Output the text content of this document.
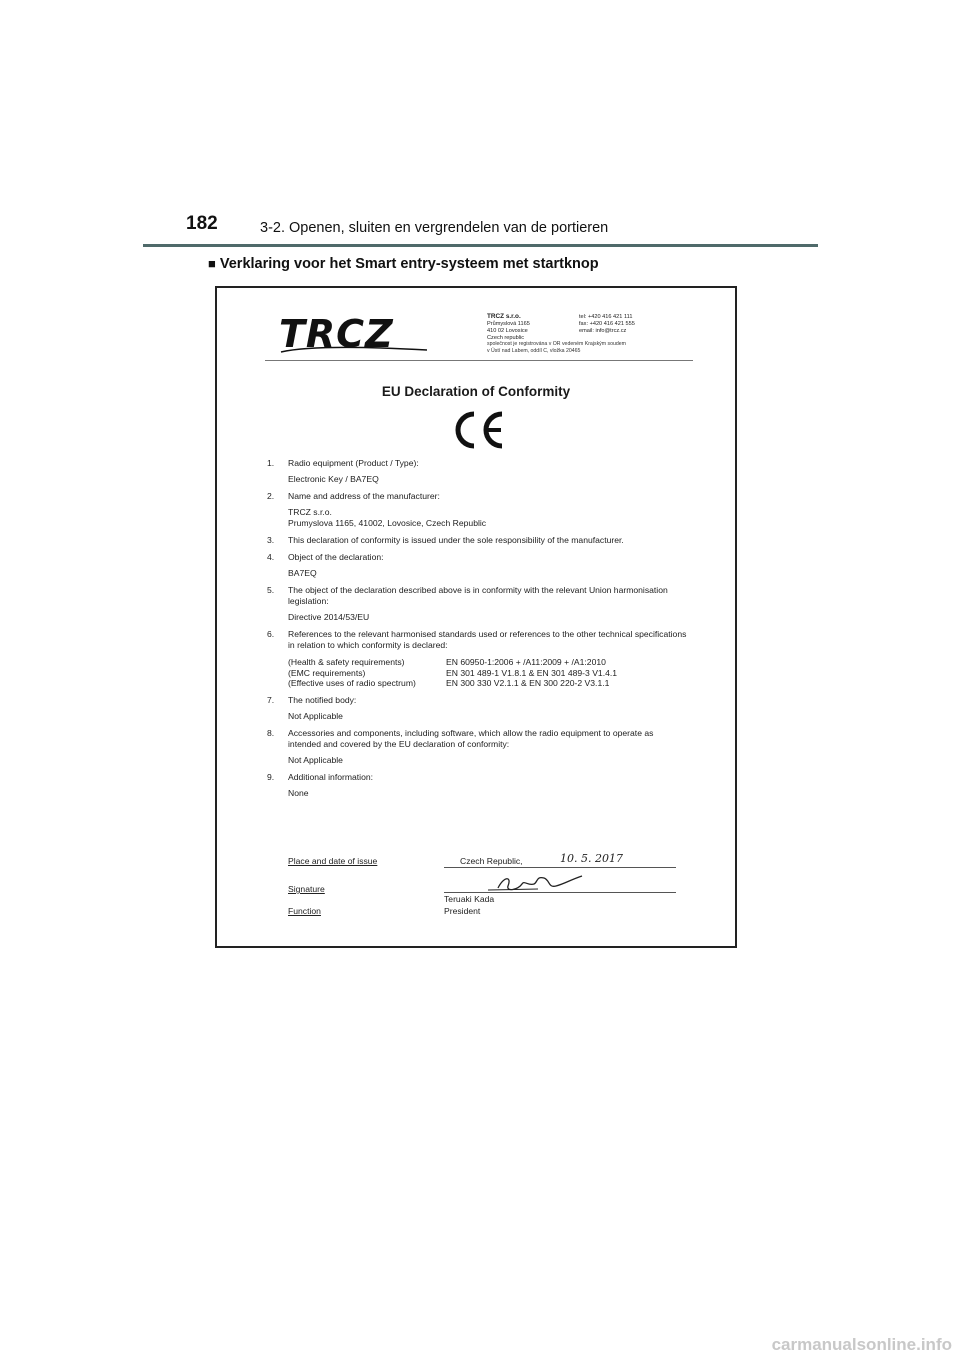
182	3-2. Openen, sluiten en vergrendelen van de portieren
■ Verklaring voor het Smart entry-systeem met startknop
TRCZ	TRCZ s.r.o.
Průmyslová 1165
410 02 Lovosice
Czech republic
tel: +420 416 421 111
fax: +420 416 421 555
email: info@trcz.cz
společnost je registrována v OR vedeném Krajským soudem
v Ústí nad Labem, oddíl C, vložka 20465
EU Declaration of Conformity
1. Radio equipment (Product / Type):
Electronic Key / BA7EQ
2. Name and address of the manufacturer:
TRCZ s.r.o.
Prumyslova 1165, 41002, Lovosice, Czech Republic
3. This declaration of conformity is issued under the sole responsibility of the manufacturer.
4. Object of the declaration:
BA7EQ
5. The object of the declaration described above is in conformity with the relevant Union harmonisation legislation:
Directive 2014/53/EU
6. References to the relevant harmonised standards used or references to the other technical specifications in relation to which conformity is declared:
(Health & safety requirements)	EN 60950-1:2006 + /A11:2009 + /A1:2010
(EMC requirements)	EN 301 489-1 V1.8.1 & EN 301 489-3 V1.4.1
(Effective uses of radio spectrum)	EN 300 330 V2.1.1 & EN 300 220-2 V3.1.1
7. The notified body:
Not Applicable
8. Accessories and components, including software, which allow the radio equipment to operate as intended and covered by the EU declaration of conformity:
Not Applicable
9. Additional information:
None
Place and date of issue	Czech Republic,	10. 5. 2017
Signature
Teruaki Kada
Function	President
carmanualsonline.info
